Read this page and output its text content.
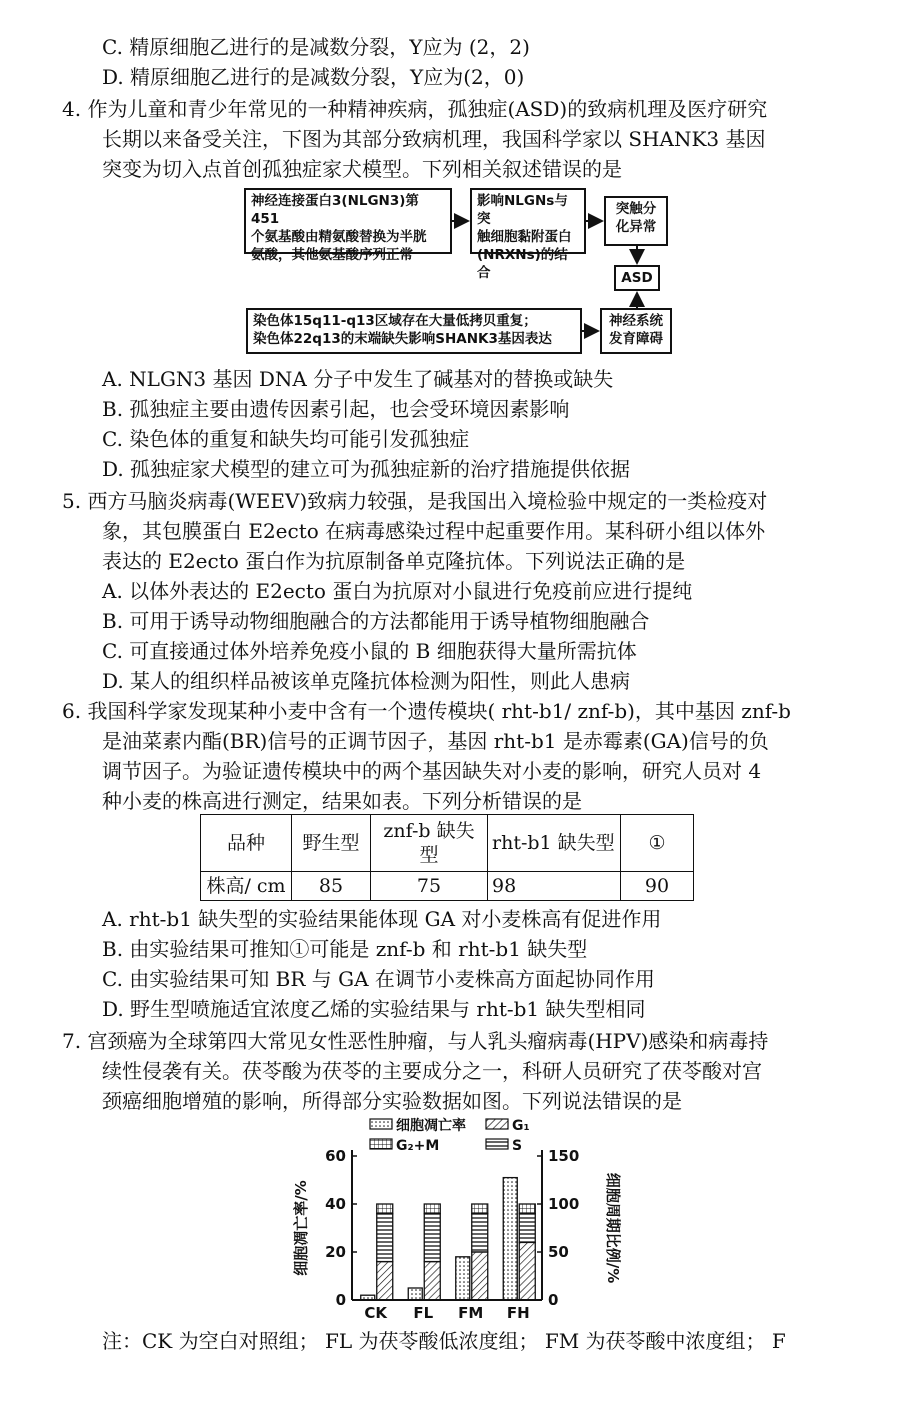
C. 精原细胞乙进行的是减数分裂，Y应为 (2，2)
D. 精原细胞乙进行的是减数分裂，Y应为(2，0)
4. 作为儿童和青少年常见的一种精神疾病，孤独症(ASD)的致病机理及医疗研究
长期以来备受关注，下图为其部分致病机理，我国科学家以 SHANK3 基因
突变为切入点首创孤独症家犬模型。下列相关叙述错误的是
神经连接蛋白3(NLGN3)第451
个氨基酸由精氨酸替换为半胱
氨酸，其他氨基酸序列正常
影响NLGNs与突
触细胞黏附蛋白
(NRXNs)的结合
突触分
化异常
ASD
染色体15q11-q13区域存在大量低拷贝重复；
染色体22q13的末端缺失影响SHANK3基因表达
神经系统
发育障碍
A. NLGN3 基因 DNA 分子中发生了碱基对的替换或缺失
B. 孤独症主要由遗传因素引起，也会受环境因素影响
C. 染色体的重复和缺失均可能引发孤独症
D. 孤独症家犬模型的建立可为孤独症新的治疗措施提供依据
5. 西方马脑炎病毒(WEEV)致病力较强，是我国出入境检验中规定的一类检疫对
象，其包膜蛋白 E2ecto 在病毒感染过程中起重要作用。某科研小组以体外
表达的 E2ecto 蛋白作为抗原制备单克隆抗体。下列说法正确的是
A. 以体外表达的 E2ecto 蛋白为抗原对小鼠进行免疫前应进行提纯
B. 可用于诱导动物细胞融合的方法都能用于诱导植物细胞融合
C. 可直接通过体外培养免疫小鼠的 B 细胞获得大量所需抗体
D. 某人的组织样品被该单克隆抗体检测为阳性，则此人患病
6. 我国科学家发现某种小麦中含有一个遗传模块( rht-b1/ znf-b)，其中基因 znf-b
是油菜素内酯(BR)信号的正调节因子，基因 rht-b1 是赤霉素(GA)信号的负
调节因子。为验证遗传模块中的两个基因缺失对小麦的影响，研究人员对 4
种小麦的株高进行测定，结果如表。下列分析错误的是
品种	野生型	znf-b 缺失型	rht-b1 缺失型	①
株高/ cm	85	75	98	90
A. rht-b1 缺失型的实验结果能体现 GA 对小麦株高有促进作用
B. 由实验结果可推知①可能是 znf-b 和 rht-b1 缺失型
C. 由实验结果可知 BR 与 GA 在调节小麦株高方面起协同作用
D. 野生型喷施适宜浓度乙烯的实验结果与 rht-b1 缺失型相同
7. 宫颈癌为全球第四大常见女性恶性肿瘤，与人乳头瘤病毒(HPV)感染和病毒持
续性侵袭有关。茯苓酸为茯苓的主要成分之一，科研人员研究了茯苓酸对宫
颈癌细胞增殖的影响，所得部分实验数据如图。下列说法错误的是
0
20
40
60
0
50
100
150
细胞凋亡率/%	细胞周期比例/%
细胞凋亡率	G₁
G₂+M	S
CK FL FM FH
注：CK 为空白对照组； FL 为茯苓酸低浓度组； FM 为茯苓酸中浓度组； F
